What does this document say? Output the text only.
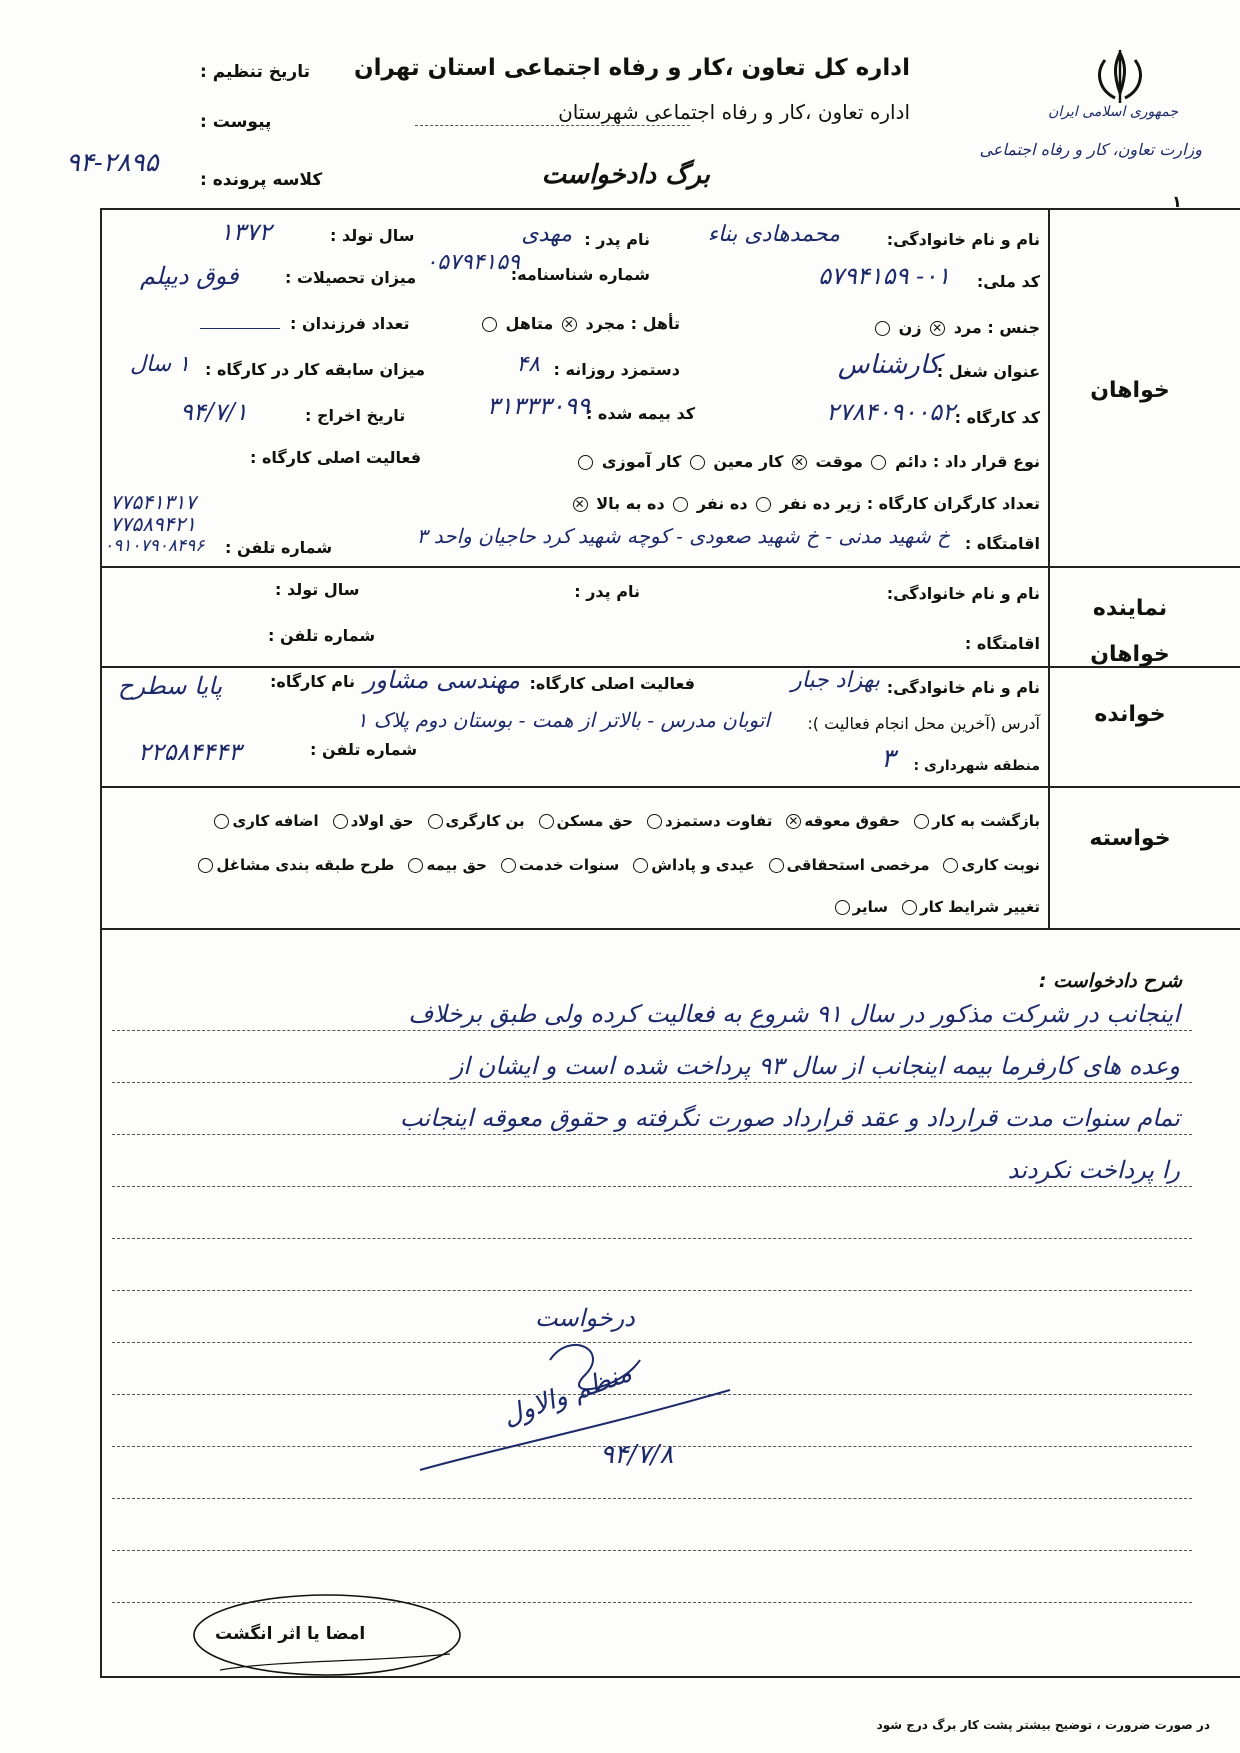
جمهوری اسلامی ایران
وزارت تعاون، کار و رفاه اجتماعی
اداره کل تعاون ،کار و رفاه اجتماعی استان تهران
اداره تعاون ،کار و رفاه اجتماعی شهرستان
برگ دادخواست
تاریخ تنظیم :
پیوست :
کلاسه پرونده :
۹۴-۲۸۹۵
۱
خواهان
نماینده خواهان
خوانده
خواسته
نام و نام خانوادگی:
محمدهادی بناء
نام پدر :
مهدی
سال تولد :
۱۳۷۲
کد ملی:
۰۱- ۵۷۹۴۱۵۹
شماره شناسنامه:
۰۵۷۹۴۱۵۹
میزان تحصیلات :
فوق دیپلم
جنس : مرد ✕ زن
تأهل : مجرد ✕ متاهل
تعداد فرزندان :
عنوان شغل :
کارشناس
دستمزد روزانه :
۴۸
میزان سابقه کار در کارگاه :
۱ سال
کد کارگاه :
۲۷۸۴۰۹۰۰۵۲
کد بیمه شده :
۳۱۳۳۳۰۹۹
تاریخ اخراج :
۹۴/۷/۱
نوع قرار داد : دائم  موقت ✕ کار معین  کار آموزی
فعالیت اصلی کارگاه :
تعداد کارگران کارگاه : زیر ده نفر  ده نفر  ده به بالا ✕
اقامتگاه :
خ شهید مدنی - خ شهید صعودی - کوچه شهید کرد حاجیان واحد ۳
شماره تلفن :
۷۷۵۴۱۳۱۷
۷۷۵۸۹۴۲۱
۰۹۱۰۷۹۰۸۴۹۶
نام و نام خانوادگی:
نام پدر :
سال تولد :
اقامتگاه :
شماره تلفن :
نام و نام خانوادگی:
بهزاد جبار
فعالیت اصلی کارگاه:
مهندسی مشاور
نام کارگاه:
پایا سطرح
آدرس (آخرین محل انجام فعالیت ):
اتوبان مدرس - بالاتر از همت - بوستان دوم پلاک ۱
شماره تلفن :
۲۲۵۸۴۴۴۳	منطقه شهرداری :
۳
بازگشت به کارحقوق معوقه✕تفاوت دستمزدحق مسکنبن کارگریحق اولاداضافه کاری
نوبت کاریمرخصی استحقاقیعیدی و پاداشسنوات خدمتحق بیمهطرح طبقه بندی مشاغل
تغییر شرایط کارسایر
شرح دادخواست :
اینجانب در شرکت مذکور در سال ۹۱ شروع به فعالیت کرده ولی طبق برخلاف
وعده های کارفرما بیمه اینجانب از سال ۹۳ پرداخت شده است و ایشان از
تمام سنوات مدت قرارداد و عقد قرارداد صورت نگرفته و حقوق معوقه اینجانب
را پرداخت نکردند
درخواست
منظم والاول
۹۴/۷/۸
امضا یا اثر انگشت
در صورت ضرورت ، توضیح بیشتر پشت کار برگ درج شود
